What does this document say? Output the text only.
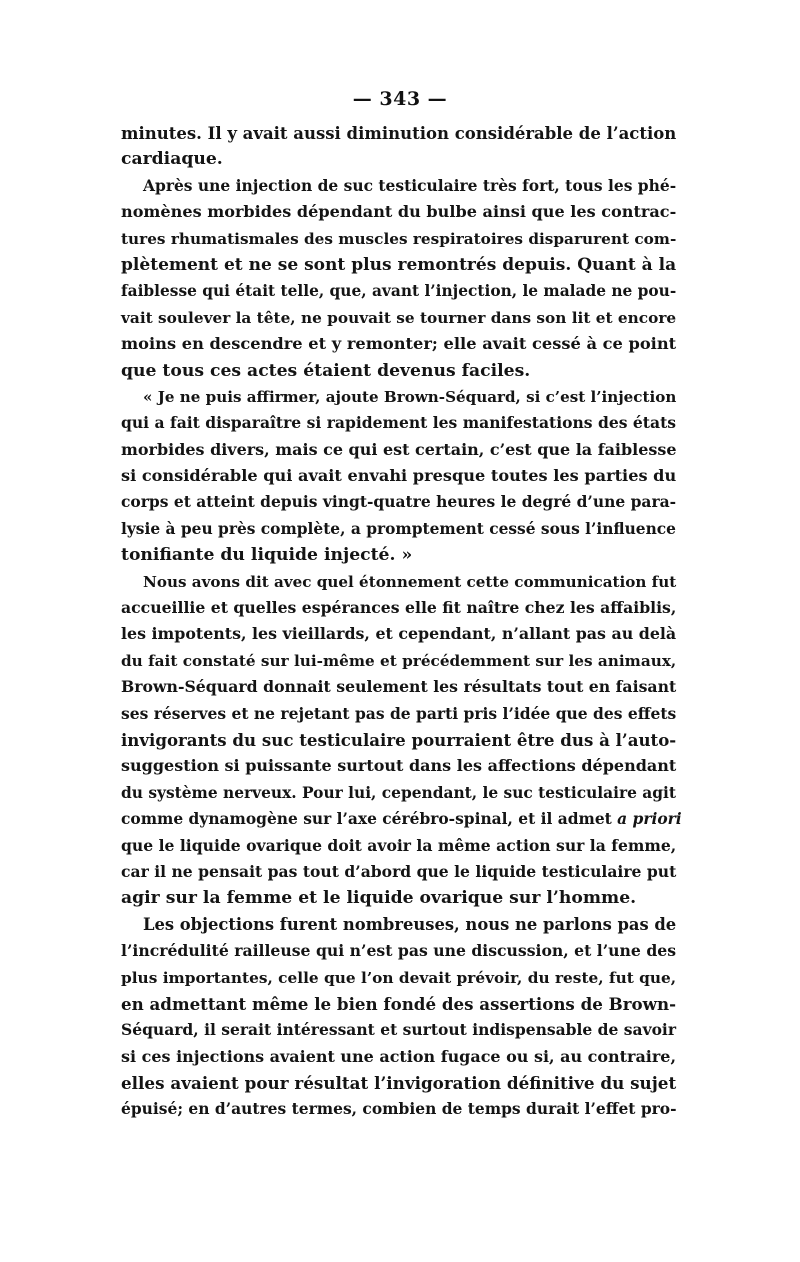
— 343 —
minutes. Il y avait aussi diminution considérable de l’action
cardiaque.
Après une injection de suc testiculaire très fort, tous les phé-
nomènes morbides dépendant du bulbe ainsi que les contrac-
tures rhumatismales des muscles respiratoires disparurent com-
plètement et ne se sont plus remontrés depuis. Quant à la
faiblesse qui était telle, que, avant l’injection, le malade ne pou-
vait soulever la tête, ne pouvait se tourner dans son lit et encore
moins en descendre et y remonter; elle avait cessé à ce point
que tous ces actes étaient devenus faciles.
« Je ne puis affirmer, ajoute Brown-Séquard, si c’est l’injection
qui a fait disparaître si rapidement les manifestations des états
morbides divers, mais ce qui est certain, c’est que la faiblesse
si considérable qui avait envahi presque toutes les parties du
corps et atteint depuis vingt-quatre heures le degré d’une para-
lysie à peu près complète, a promptement cessé sous l’influence
tonifiante du liquide injecté. »
Nous avons dit avec quel étonnement cette communication fut
accueillie et quelles espérances elle fit naître chez les affaiblis,
les impotents, les vieillards, et cependant, n’allant pas au delà
du fait constaté sur lui-même et précédemment sur les animaux,
Brown-Séquard donnait seulement les résultats tout en faisant
ses réserves et ne rejetant pas de parti pris l’idée que des effets
invigorants du suc testiculaire pourraient être dus à l’auto-
suggestion si puissante surtout dans les affections dépendant
du système nerveux. Pour lui, cependant, le suc testiculaire agit
comme dynamogène sur l’axe cérébro-spinal, et il admet a priori
que le liquide ovarique doit avoir la même action sur la femme,
car il ne pensait pas tout d’abord que le liquide testiculaire put
agir sur la femme et le liquide ovarique sur l’homme.
Les objections furent nombreuses, nous ne parlons pas de
l’incrédulité railleuse qui n’est pas une discussion, et l’une des
plus importantes, celle que l’on devait prévoir, du reste, fut que,
en admettant même le bien fondé des assertions de Brown-
Séquard, il serait intéressant et surtout indispensable de savoir
si ces injections avaient une action fugace ou si, au contraire,
elles avaient pour résultat l’invigoration définitive du sujet
épuisé; en d’autres termes, combien de temps durait l’effet pro-
